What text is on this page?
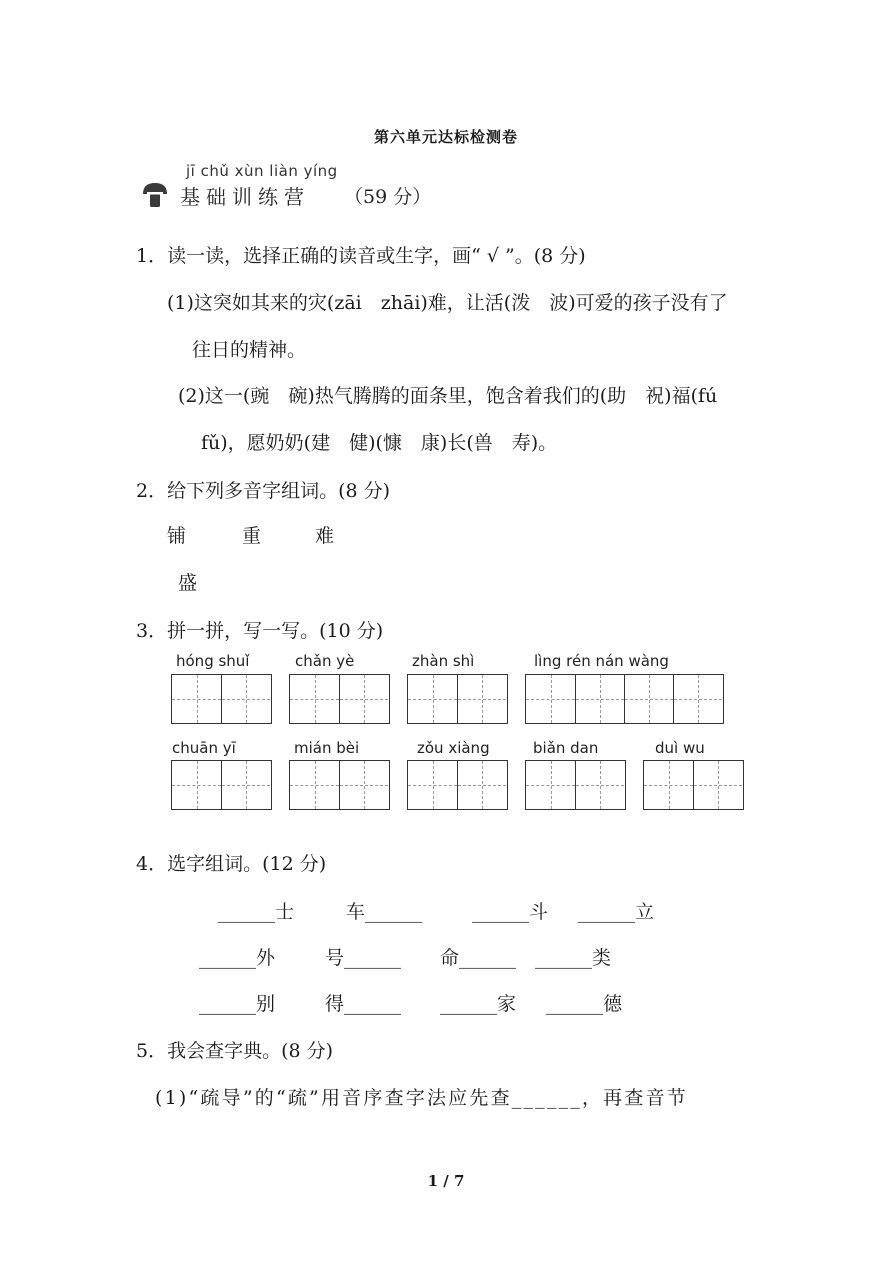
第六单元达标检测卷
jī chǔ xùn liàn yíng
基础训练营 （59 分）
1．读一读，选择正确的读音或生字，画“ √ ”。(8 分)
(1)这突如其来的灾(zāi　zhāi)难，让活(泼　波)可爱的孩子没有了
往日的精神。
(2)这一(豌　碗)热气腾腾的面条里，饱含着我们的(助　祝)福(fú
fǔ)，愿奶奶(建　健)(慷　康)长(兽　寿)。
2．给下列多音字组词。(8 分)
铺	重	难
盛
3．拼一拼，写一写。(10 分)
hóng shuǐ	chǎn yè	zhàn shì	lìng rén nán wàng
chuān yī	mián bèi	zǒu xiàng	biǎn dan	duì wu
4．选字组词。(12 分)
______士	车______	______斗 ______立
______外	号______ 命______ ______类
______别	得______ ______家 ______德
5．我会查字典。(8 分)
(1)“疏导”的“疏”用音序查字法应先查______，再查音节
1 / 7
